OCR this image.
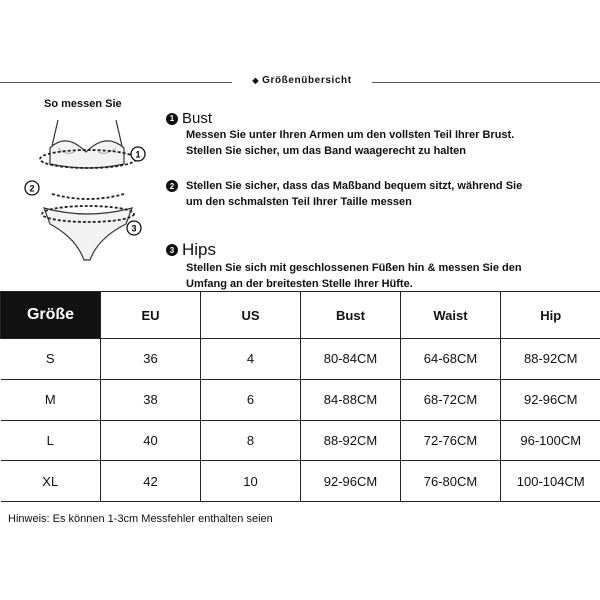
◆ Größenübersicht
So messen Sie
1
2
3
1 Bust

Messen Sie unter Ihren Armen um den vollsten Teil Ihrer Brust.

Stellen Sie sicher, um das Band waagerecht zu halten

2	Stellen Sie sicher, dass das Maßband bequem sitzt, während Sie

um den schmalsten Teil Ihrer Taille messen

3 Hips

Stellen Sie sich mit geschlossenen Füßen hin & messen Sie den

Umfang an der breitesten Stelle Ihrer Hüfte.

Größe	EU	US	Bust	Waist	Hip
S	36	4	80-84CM	64-68CM	88-92CM
M	38	6	84-88CM	68-72CM	92-96CM
L	40	8	88-92CM	72-76CM	96-100CM
XL	42	10	92-96CM	76-80CM	100-104CM
Hinweis: Es können 1-3cm Messfehler enthalten seien
